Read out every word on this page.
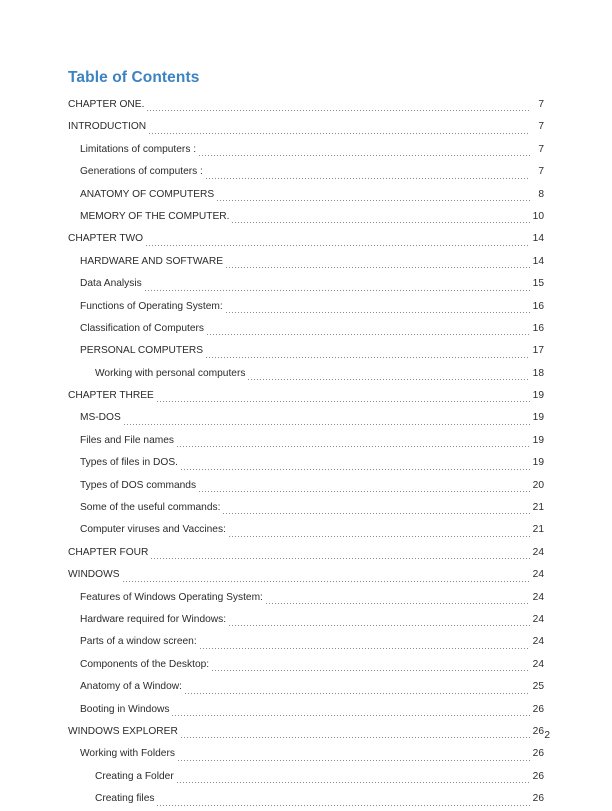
Table of Contents
CHAPTER ONE.	7
INTRODUCTION	7
Limitations of computers :	7
Generations of computers :	7
ANATOMY OF COMPUTERS	8
MEMORY OF THE COMPUTER.	10
CHAPTER TWO	14
HARDWARE AND SOFTWARE	14
Data Analysis	15
Functions of Operating System:	16
Classification of Computers	16
PERSONAL COMPUTERS	17
Working with personal computers	18
CHAPTER THREE	19
MS-DOS	19
Files and File names	19
Types of files in DOS.	19
Types of DOS commands	20
Some of the useful commands:	21
Computer viruses and Vaccines:	21
CHAPTER FOUR	24
WINDOWS	24
Features of Windows Operating System:	24
Hardware required for Windows:	24
Parts of a window screen:	24
Components of the Desktop:	24
Anatomy of a Window:	25
Booting in Windows	26
WINDOWS EXPLORER	26
Working with Folders	26
Creating a Folder	26
Creating files	26
2
